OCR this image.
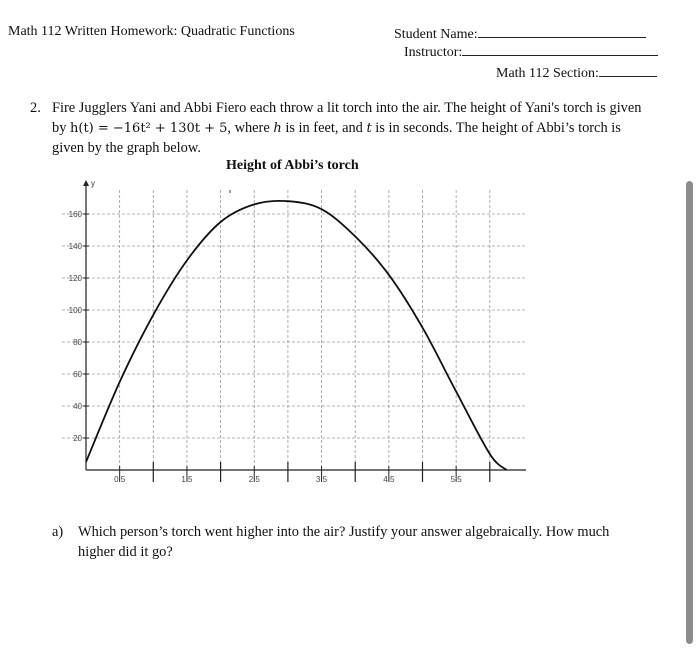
Math 112 Written Homework: Quadratic Functions	Student Name:
Instructor:
Math 112 Section:
2. Fire Jugglers Yani and Abbi Fiero each throw a lit torch into the air. The height of Yani's torch is given
by h(t) = −16t² + 130t + 5, where h is in feet, and t is in seconds. The height of Abbi’s torch is
given by the graph below.
Height of Abbi’s torch
y
20
40
60
80
100
120
140
160
0.5	1	1.5	2	2.5	3	3.5	4	4.5	5	5.5	6
a) Which person’s torch went higher into the air? Justify your answer algebraically. How much
higher did it go?
